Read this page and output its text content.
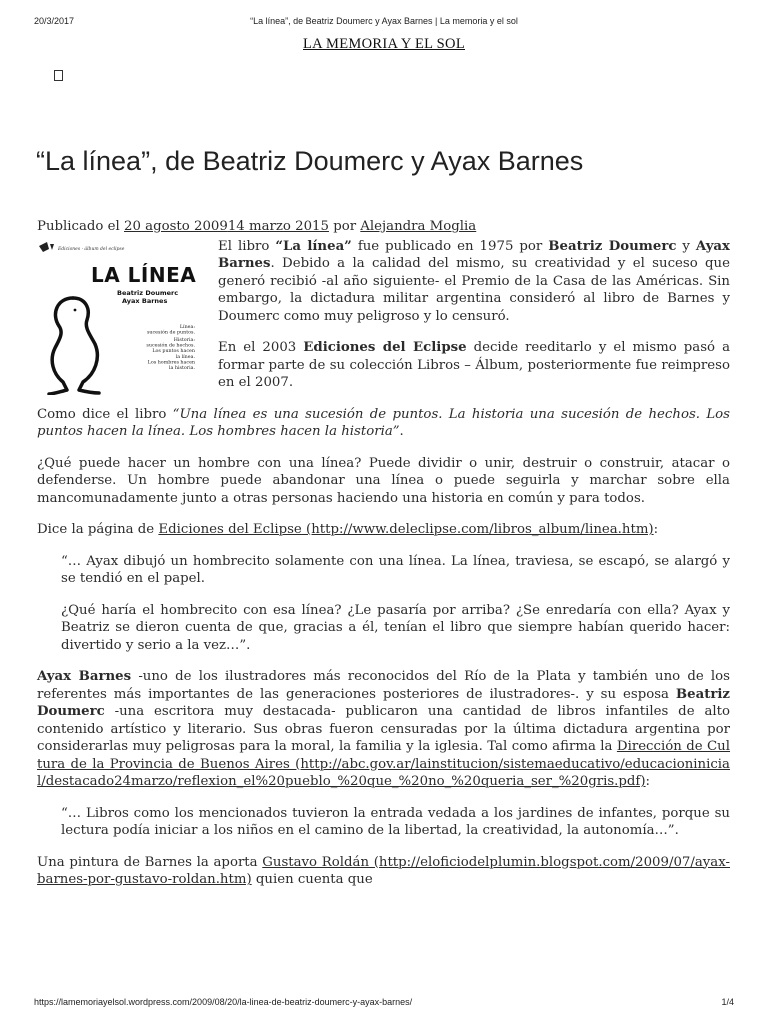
20/3/2017	“La línea”, de Beatriz Doumerc y Ayax Barnes | La memoria y el sol
LA MEMORIA Y EL SOL
“La línea”, de Beatriz Doumerc y Ayax Barnes

Publicado el 20 agosto 200914 marzo 2015 por Alejandra Moglia

Ediciones · álbum del eclipse
LA LÍNEA
Beatriz Doumerc
Ayax Barnes
Línea: sucesión de puntos.
Historia: sucesión de hechos. Los puntos hacen la línea. Los hombres hacen la historia.

El libro “La línea” fue publicado en 1975 por Beatriz Doumerc y Ayax Barnes. Debido a la calidad del mismo, su creatividad y el suceso que generó recibió -al año siguiente- el Premio de la Casa de las Américas. Sin embargo, la dictadura militar argentina consideró al libro de Barnes y Doumerc como muy peligroso y lo censuró.

En el 2003 Ediciones del Eclipse decide reeditarlo y el mismo pasó a formar parte de su colección Libros – Álbum, posteriormente fue reimpreso en el 2007.

Como dice el libro “Una línea es una sucesión de puntos. La historia una sucesión de hechos. Los puntos hacen la línea. Los hombres hacen la historia”.

¿Qué puede hacer un hombre con una línea? Puede dividir o unir, destruir o construir, atacar o defenderse. Un hombre puede abandonar una línea o puede seguirla y marchar sobre ella mancomunadamente junto a otras personas haciendo una historia en común y para todos.

Dice la página de Ediciones del Eclipse (http://www.deleclipse.com/libros_album/linea.htm):

“… Ayax dibujó un hombrecito solamente con una línea. La línea, traviesa, se escapó, se alargó y se tendió en el papel.

¿Qué haría el hombrecito con esa línea? ¿Le pasaría por arriba? ¿Se enredaría con ella? Ayax y Beatriz se dieron cuenta de que, gracias a él, tenían el libro que siempre habían querido hacer: divertido y serio a la vez…”.

Ayax Barnes -uno de los ilustradores más reconocidos del Río de la Plata y también uno de los referentes más importantes de las generaciones posteriores de ilustradores-. y su esposa Beatriz Doumerc -una escritora muy destacada- publicaron una cantidad de libros infantiles de alto contenido artístico y literario. Sus obras fueron censuradas por la última dictadura argentina por considerarlas muy peligrosas para la moral, la familia y la iglesia. Tal como afirma la Dirección de Cultura de la Provincia de Buenos Aires (http://abc.gov.ar/lainstitucion/sistemaeducativo/educacioninicial/destacado24marzo/reflexion_el%20pueblo_%20que_%20no_%20queria_ser_%20gris.pdf):

“… Libros como los mencionados tuvieron la entrada vedada a los jardines de infantes, porque su lectura podía iniciar a los niños en el camino de la libertad, la creatividad, la autonomía…”.

Una pintura de Barnes la aporta Gustavo Roldán (http://eloficiodelplumin.blogspot.com/2009/07/ayax-barnes-por-gustavo-roldan.htm) quien cuenta que

https://lamemoriayelsol.wordpress.com/2009/08/20/la-linea-de-beatriz-doumerc-y-ayax-barnes/	1/4
